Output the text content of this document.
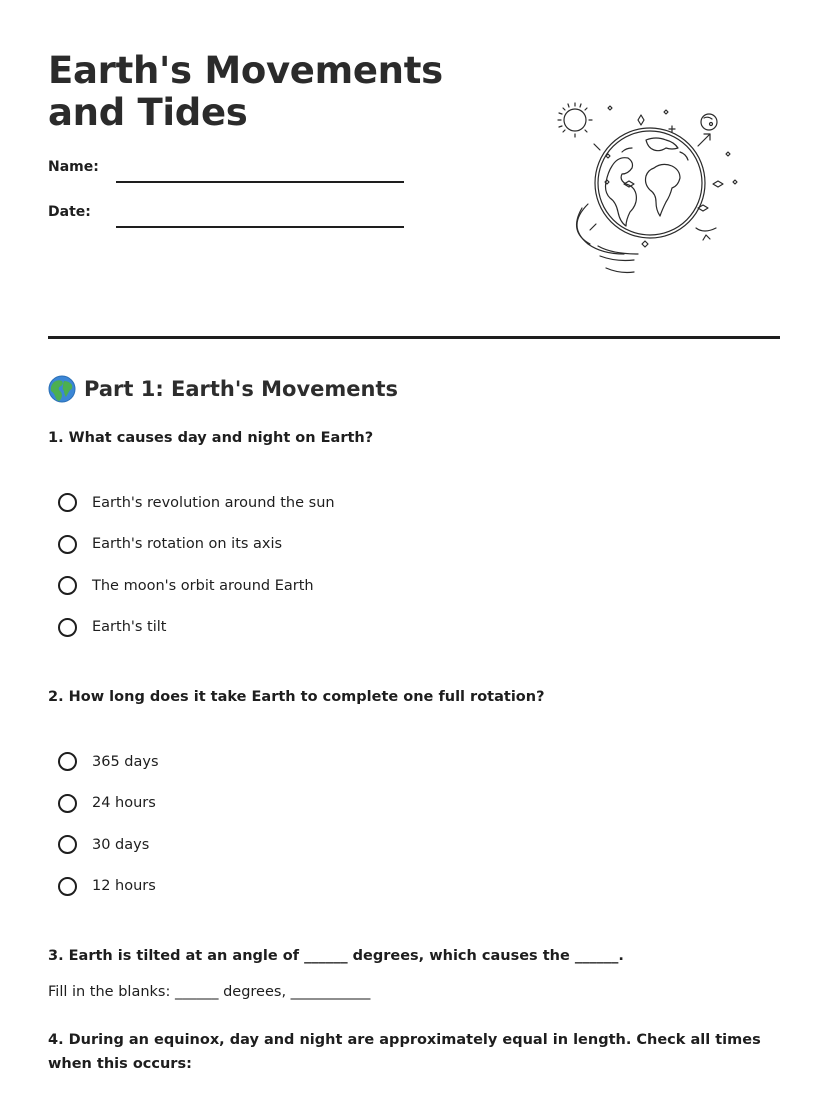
Earth's Movements and Tides
Name:
Date:
Part 1: Earth's Movements

1. What causes day and night on Earth?

Earth's revolution around the sun
Earth's rotation on its axis
The moon's orbit around Earth
Earth's tilt

2. How long does it take Earth to complete one full rotation?

365 days
24 hours
30 days
12 hours

3. Earth is tilted at an angle of ______ degrees, which causes the ______.

Fill in the blanks: ______ degrees, ___________

4. During an equinox, day and night are approximately equal in length. Check all times when this occurs:
